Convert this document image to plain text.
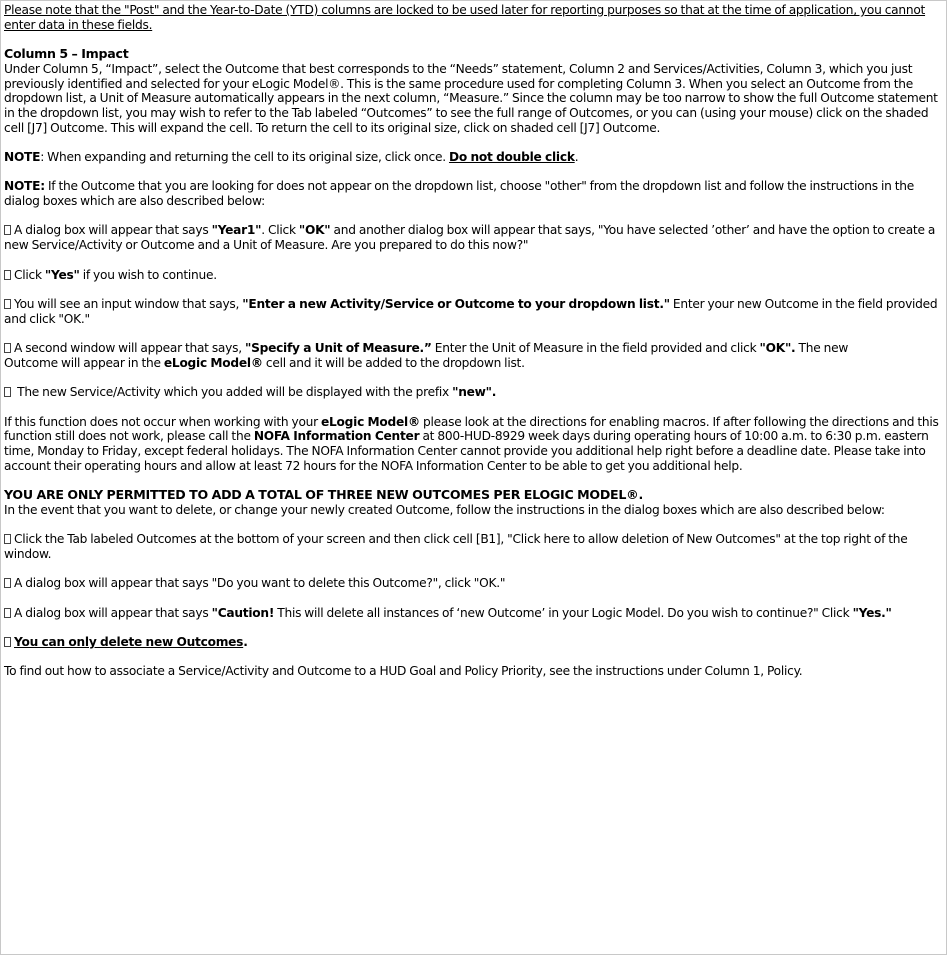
Please note that the "Post" and the Year-to-Date (YTD) columns are locked to be used later for reporting purposes so that at the time of application, you cannot enter data in these fields.

Column 5 – Impact

Under Column 5, “Impact”, select the Outcome that best corresponds to the “Needs” statement, Column 2 and Services/Activities, Column 3, which you just previously identified and selected for your eLogic Model®. This is the same procedure used for completing Column 3. When you select an Outcome from the dropdown list, a Unit of Measure automatically appears in the next column, “Measure.” Since the column may be too narrow to show the full Outcome statement in the dropdown list, you may wish to refer to the Tab labeled “Outcomes” to see the full range of Outcomes, or you can (using your mouse) click on the shaded cell [J7] Outcome. This will expand the cell. To return the cell to its original size, click on shaded cell [J7] Outcome.

NOTE: When expanding and returning the cell to its original size, click once. Do not double click.

NOTE: If the Outcome that you are looking for does not appear on the dropdown list, choose "other" from the dropdown list and follow the instructions in the dialog boxes which are also described below:

A dialog box will appear that says "Year1". Click "OK" and another dialog box will appear that says, "You have selected ’other’ and have the option to create a new Service/Activity or Outcome and a Unit of Measure. Are you prepared to do this now?"

Click "Yes" if you wish to continue.

You will see an input window that says, "Enter a new Activity/Service or Outcome to your dropdown list." Enter your new Outcome in the field provided and click "OK."

A second window will appear that says, "Specify a Unit of Measure.” Enter the Unit of Measure in the field provided and click "OK". The new
Outcome will appear in the eLogic Model® cell and it will be added to the dropdown list.

The new Service/Activity which you added will be displayed with the prefix "new".

If this function does not occur when working with your eLogic Model® please look at the directions for enabling macros. If after following the directions and this function still does not work, please call the NOFA Information Center at 800-HUD-8929 week days during operating hours of 10:00 a.m. to 6:30 p.m. eastern time, Monday to Friday, except federal holidays. The NOFA Information Center cannot provide you additional help right before a deadline date. Please take into account their operating hours and allow at least 72 hours for the NOFA Information Center to be able to get you additional help.

YOU ARE ONLY PERMITTED TO ADD A TOTAL OF THREE NEW OUTCOMES PER ELOGIC MODEL®.

In the event that you want to delete, or change your newly created Outcome, follow the instructions in the dialog boxes which are also described below:

Click the Tab labeled Outcomes at the bottom of your screen and then click cell [B1], "Click here to allow deletion of New Outcomes" at the top right of the window.

A dialog box will appear that says "Do you want to delete this Outcome?", click "OK."

A dialog box will appear that says "Caution! This will delete all instances of ‘new Outcome’ in your Logic Model. Do you wish to continue?" Click "Yes."

You can only delete new Outcomes.

To find out how to associate a Service/Activity and Outcome to a HUD Goal and Policy Priority, see the instructions under Column 1, Policy.
